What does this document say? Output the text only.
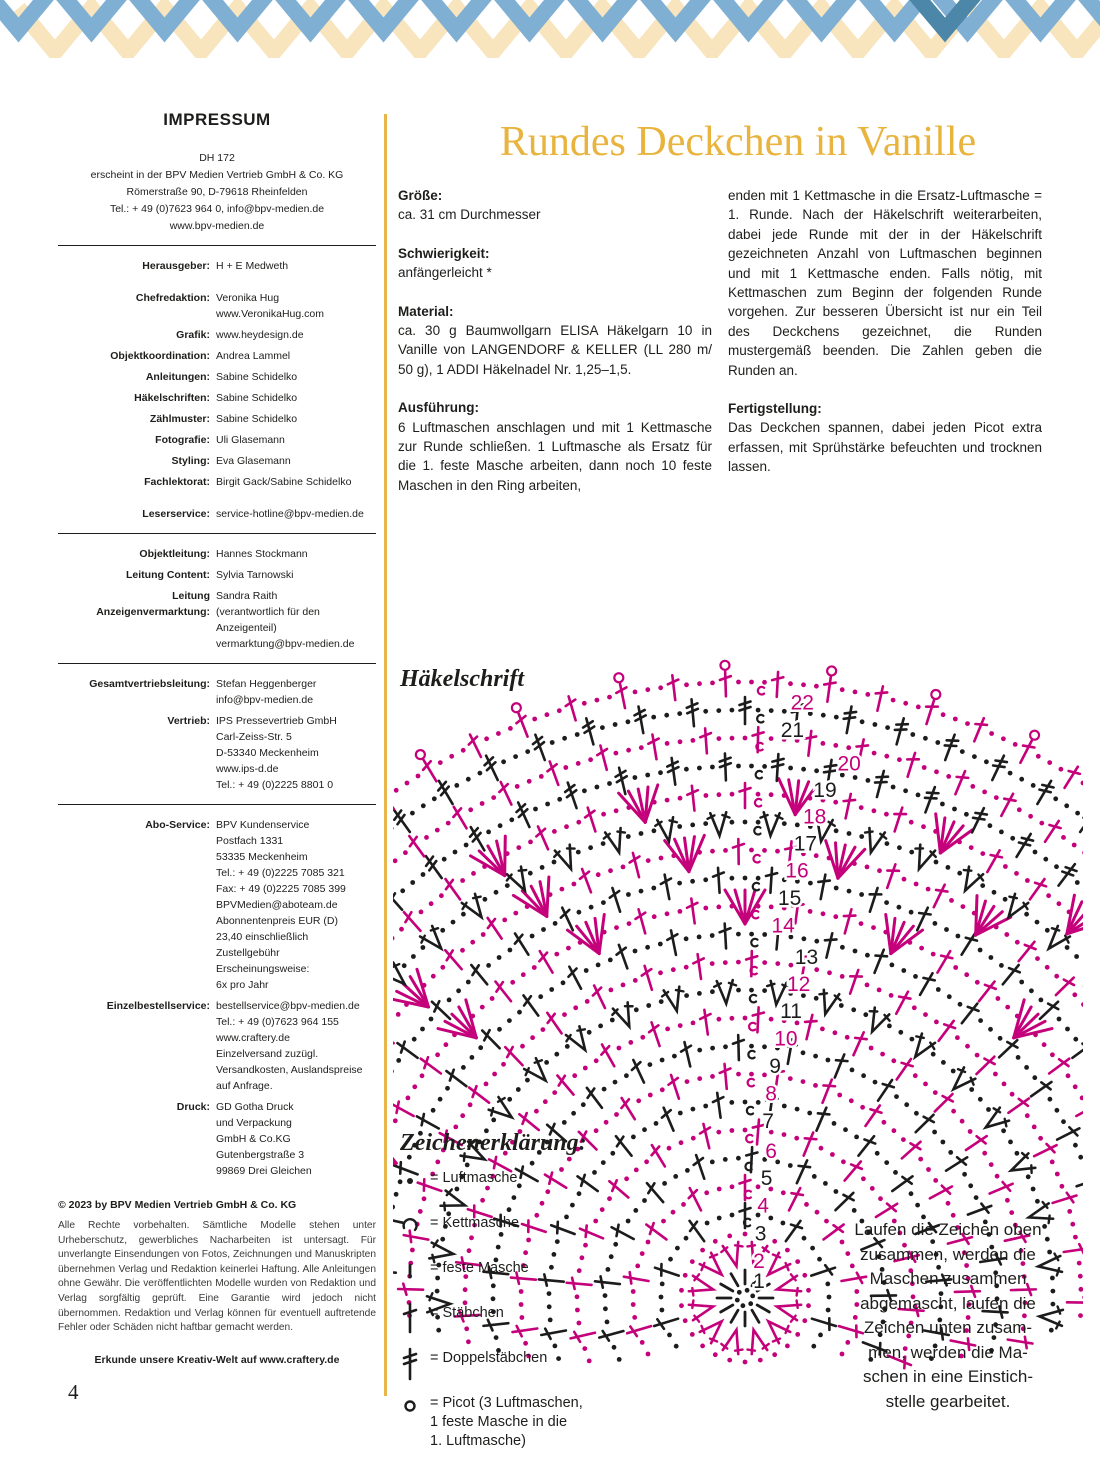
IMPRESSUM
DH 172
erscheint in der BPV Medien Vertrieb GmbH & Co. KG
Römerstraße 90, D-79618 Rheinfelden
Tel.: + 49 (0)7623 964 0, info@bpv-medien.de
www.bpv-medien.de
Herausgeber: H + E Medweth
Chefredaktion: Veronika Hug
www.VeronikaHug.com
Grafik: www.heydesign.de
Objektkoordination: Andrea Lammel
Anleitungen: Sabine Schidelko
Häkelschriften: Sabine Schidelko
Zählmuster: Sabine Schidelko
Fotografie: Uli Glasemann
Styling: Eva Glasemann
Fachlektorat: Birgit Gack/Sabine Schidelko
Leserservice: service-hotline@bpv-medien.de
Objektleitung: Hannes Stockmann
Leitung Content: Sylvia Tarnowski
Leitung Anzeigenvermarktung:
Sandra Raith
(verantwortlich für den
Anzeigenteil)
vermarktung@bpv-medien.de
Gesamtvertriebsleitung: Stefan Heggenberger
info@bpv-medien.de
Vertrieb: IPS Pressevertrieb GmbH
Carl-Zeiss-Str. 5
D-53340 Meckenheim
www.ips-d.de
Tel.: + 49 (0)2225 8801 0
Abo-Service: BPV Kundenservice
Postfach 1331
53335 Meckenheim
Tel.: + 49 (0)2225 7085 321
Fax: + 49 (0)2225 7085 399
BPVMedien@aboteam.de
Abonnentenpreis EUR (D)
23,40 einschließlich
Zustellgebühr
Erscheinungsweise:
6x pro Jahr
Einzelbestellservice: bestellservice@bpv-medien.de
Tel.: + 49 (0)7623 964 155
www.craftery.de
Einzelversand zuzügl.
Versandkosten, Auslandspreise
auf Anfrage.
Druck: GD Gotha Druck
und Verpackung
GmbH & Co.KG
Gutenbergstraße 3
99869 Drei Gleichen
© 2023 by BPV Medien Vertrieb GmbH & Co. KG
Alle Rechte vorbehalten. Sämtliche Modelle stehen unter Urheberschutz, gewerbliches Nacharbeiten ist untersagt. Für unverlangte Einsendungen von Fotos, Zeichnungen und Manuskripten übernehmen Verlag und Redaktion keinerlei Haftung. Alle Anleitungen ohne Gewähr. Die veröffentlichten Modelle wurden von Redaktion und Verlag sorgfältig geprüft. Eine Garantie wird jedoch nicht übernommen. Redaktion und Verlag können für eventuell auftretende Fehler oder Schäden nicht haftbar gemacht werden.
Erkunde unsere Kreativ-Welt auf www.craftery.de
4
Rundes Deckchen in Vanille
Größe:
ca. 31 cm Durchmesser
Schwierigkeit:
anfängerleicht *
Material:
ca. 30 g Baumwollgarn ELISA Häkelgarn 10 in Vanille von LANGENDORF & KELLER (LL 280 m/ 50 g), 1 ADDI Häkelnadel Nr. 1,25–1,5.
Ausführung:
6 Luftmaschen anschlagen und mit 1 Kettmasche zur Runde schließen. 1 Luftmasche als Ersatz für die 1. feste Masche arbeiten, dann noch 10 feste Maschen in den Ring arbeiten,
enden mit 1 Kettmasche in die Ersatz-Luftmasche = 1. Runde. Nach der Häkelschrift weiterarbeiten, dabei jede Runde mit der in der Häkelschrift gezeichneten Anzahl von Luftmaschen beginnen und mit 1 Kettmasche enden. Falls nötig, mit Kettmaschen zum Beginn der folgenden Runde vorgehen. Zur besseren Übersicht ist nur ein Teil des Deckchens gezeichnet, die Runden mustergemäß beenden. Die Zahlen geben die Runden an.
Fertigstellung:
Das Deckchen spannen, dabei jeden Picot extra erfassen, mit Sprühstärke befeuchten und trocknen lassen.
Häkelschrift
1
2
3
4
5
6
7
8
9
10
11
12
13
14
15
16
17
18
19
20
21
22
Zeichenerklärung:
= Luftmasche
= Kettmasche
= feste Masche
= Stäbchen
= Doppelstäbchen
= Picot (3 Luftmaschen,
1 feste Masche in die
1. Luftmasche)
Laufen die Zeichen oben
zusammen, werden die
Maschen zusammen
abgemascht, laufen die
Zeichen unten zusam-
men, werden die Ma-
schen in eine Einstich-
stelle gearbeitet.
